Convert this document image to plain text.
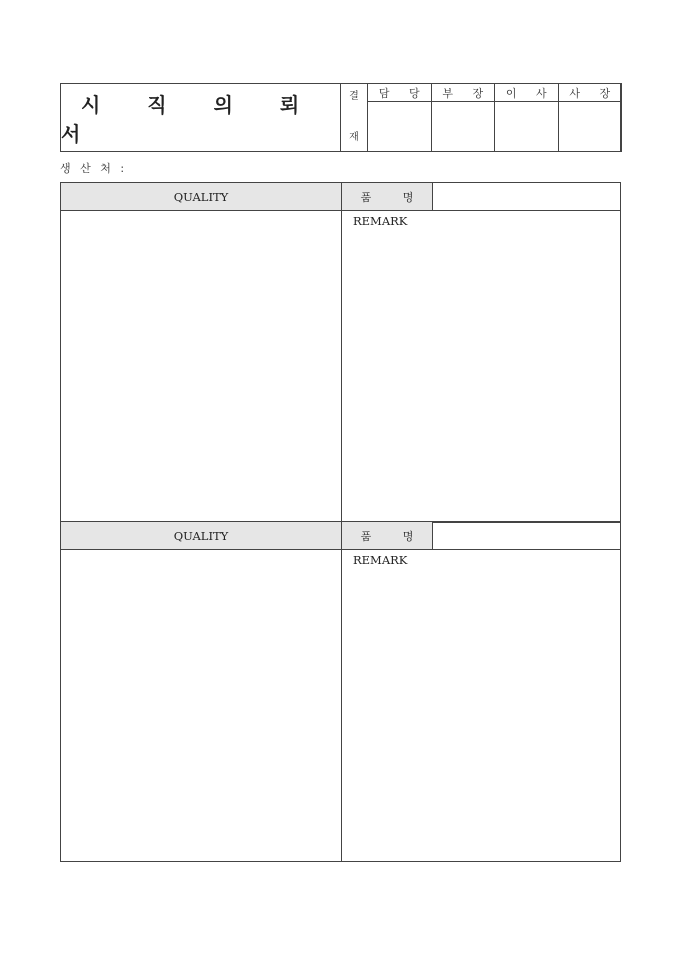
시 직 의 뢰 서
결
재	담 당	부 장	이 사	사 장

생 산 처 :
QUALITY	품 명
REMARK
QUALITY	품 명
REMARK
